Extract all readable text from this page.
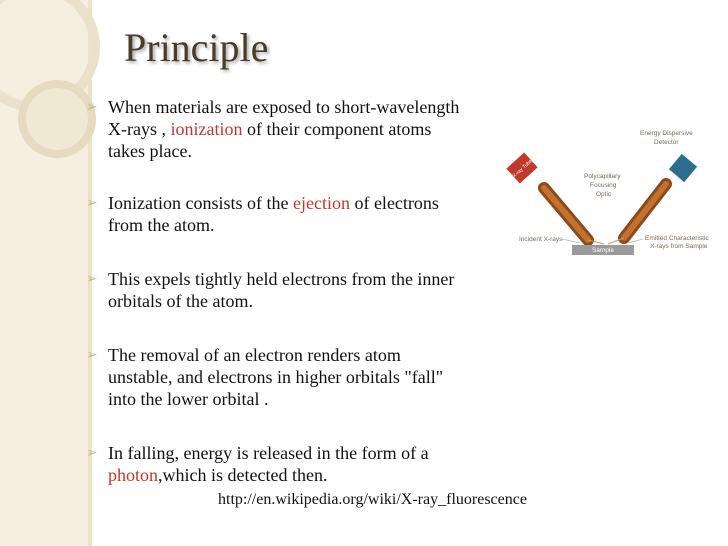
Principle
➢ When materials are exposed to short-wavelength X-rays , ionization of their component atoms takes place.
➢ Ionization consists of the ejection of electrons from the atom.
➢ This expels tightly held electrons from the inner orbitals of the atom.
➢ The removal of an electron renders atom unstable, and electrons in higher orbitals "fall" into the lower orbital .
➢ In falling, energy is released in the form of a photon,which is detected then.
http://en.wikipedia.org/wiki/X-ray_fluorescence
X-ray Tube
Sample
Energy Dispersive
Detector
Polycapillary
Focusing
Optic
Incident X-rays	Emitted Characteristic
X-rays from Sample
